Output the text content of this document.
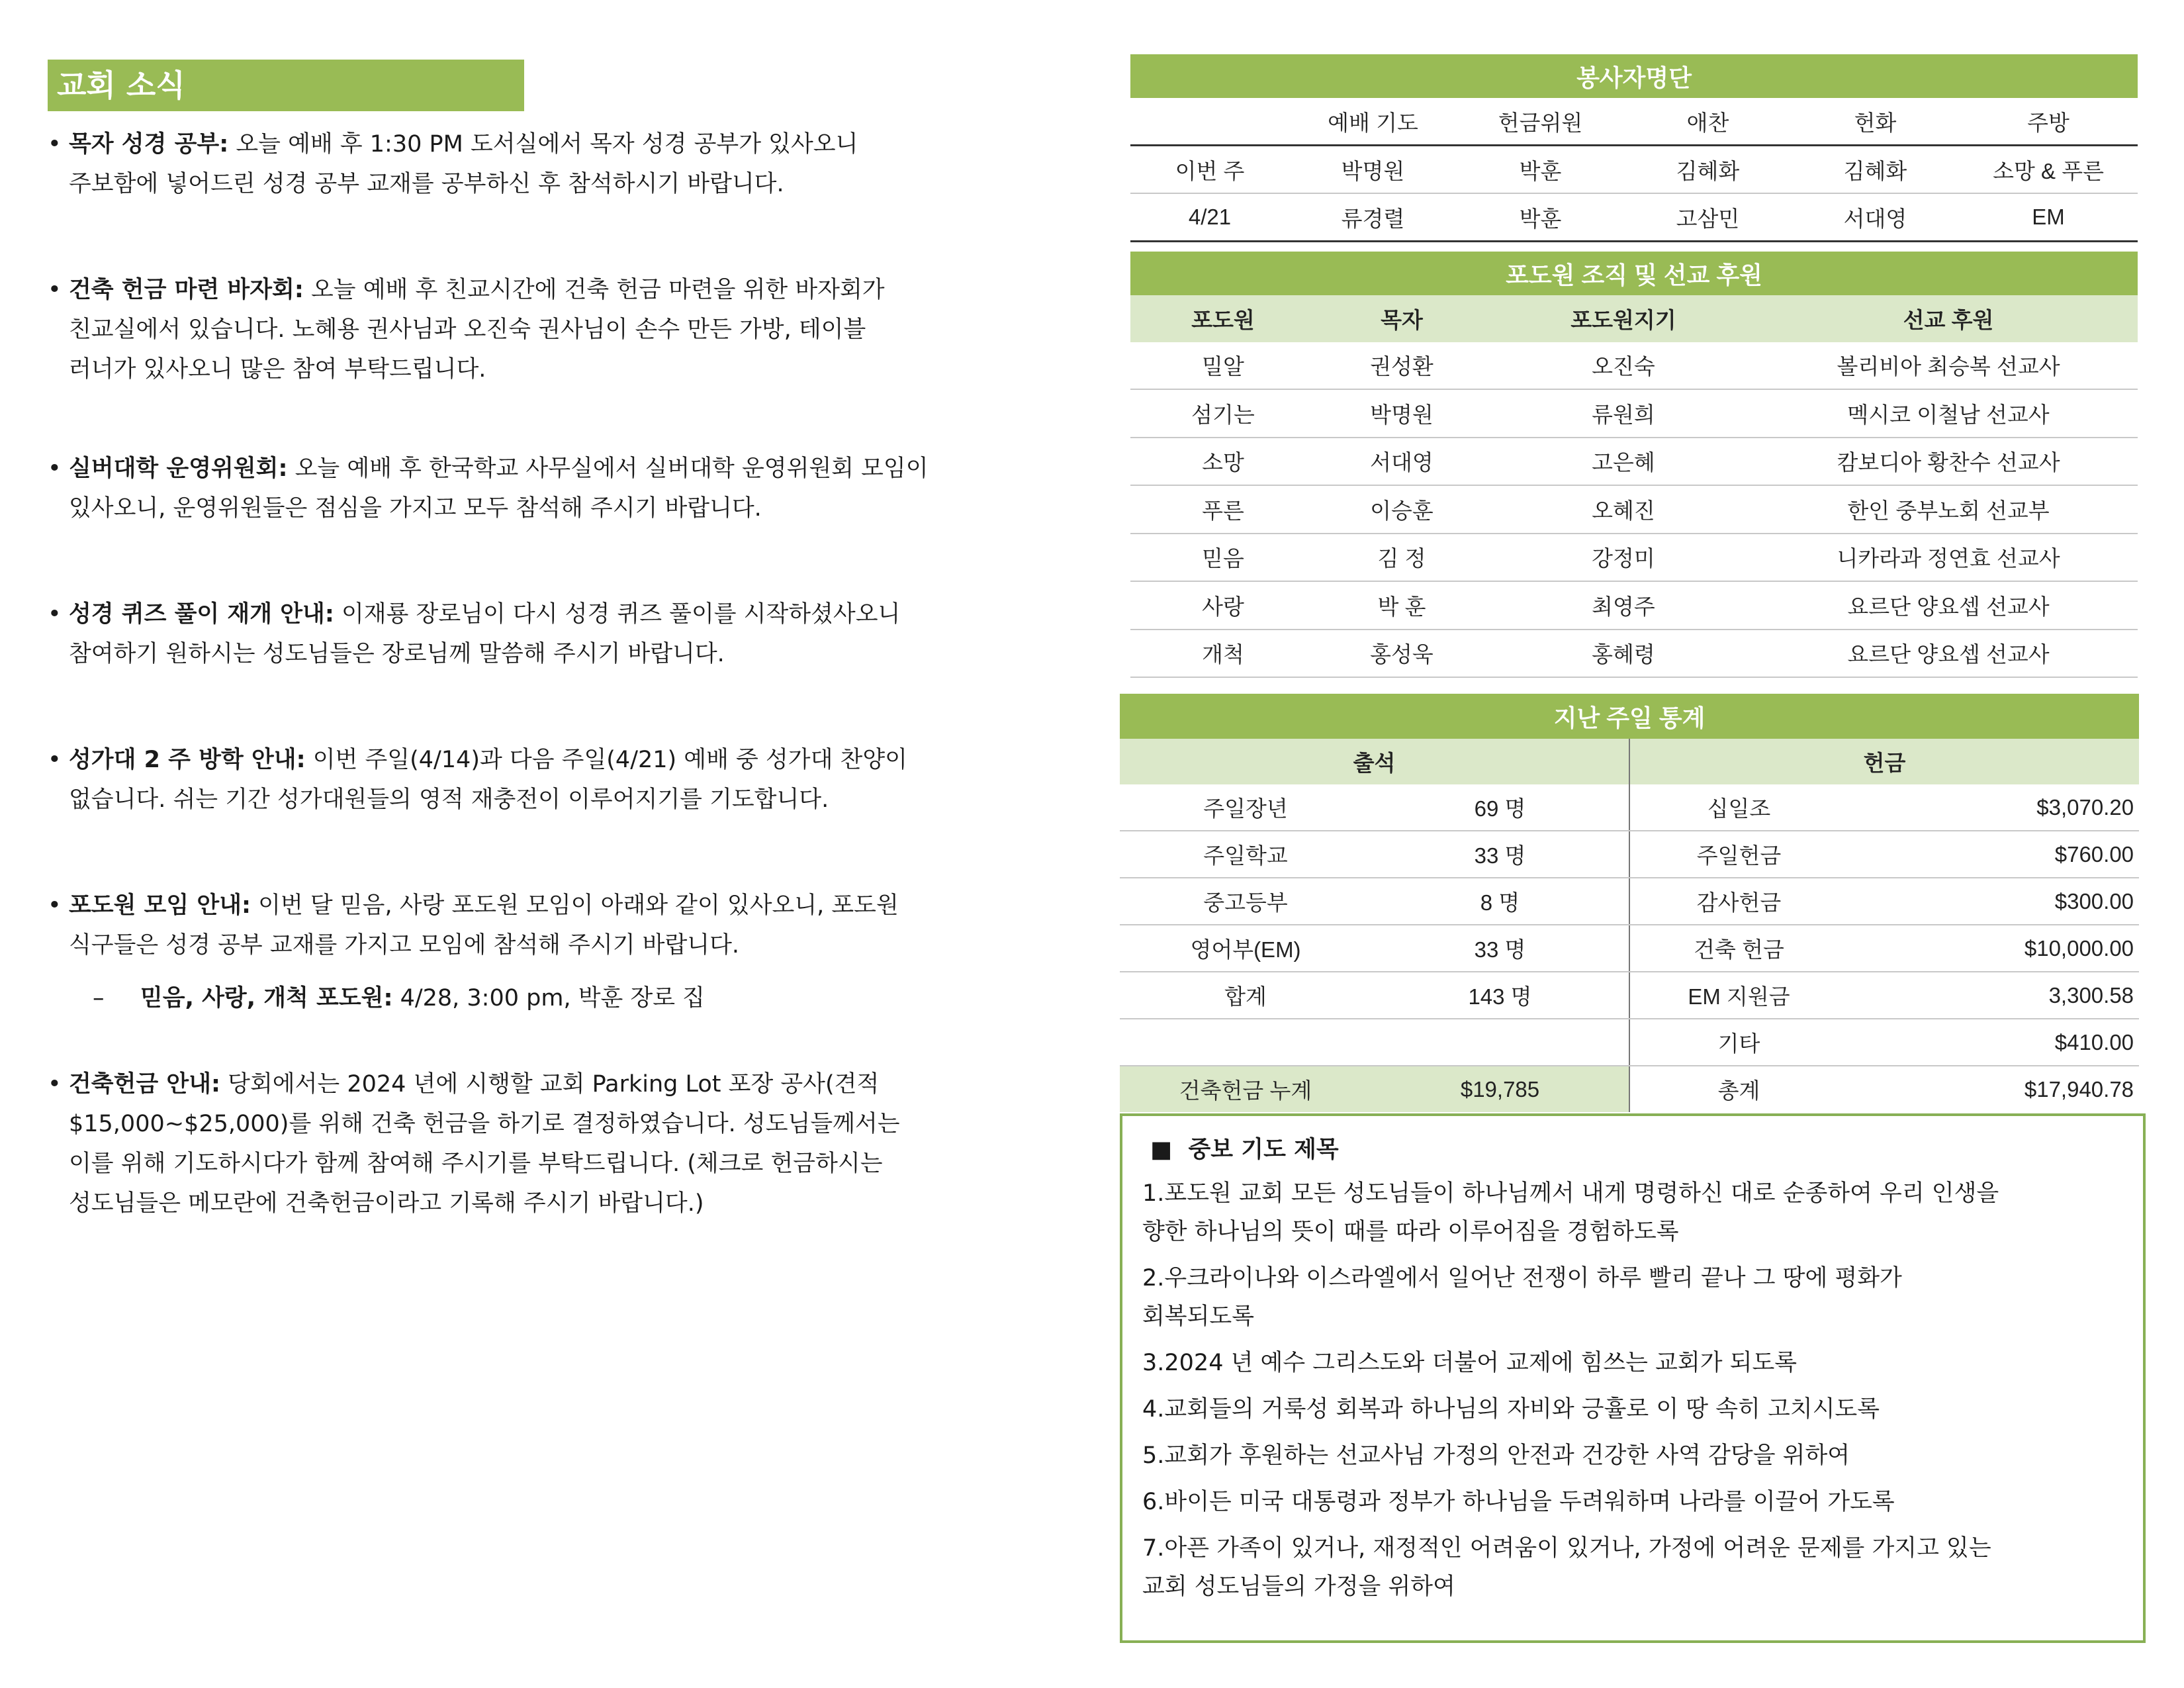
교회 소식
• 목자 성경 공부: 오늘 예배 후 1:30 PM 도서실에서 목자 성경 공부가 있사오니
주보함에 넣어드린 성경 공부 교재를 공부하신 후 참석하시기 바랍니다.
• 건축 헌금 마련 바자회: 오늘 예배 후 친교시간에 건축 헌금 마련을 위한 바자회가
친교실에서 있습니다. 노혜용 권사님과 오진숙 권사님이 손수 만든 가방, 테이블
러너가 있사오니 많은 참여 부탁드립니다.
• 실버대학 운영위원회: 오늘 예배 후 한국학교 사무실에서 실버대학 운영위원회 모임이
있사오니, 운영위원들은 점심을 가지고 모두 참석해 주시기 바랍니다.
• 성경 퀴즈 풀이 재개 안내: 이재룡 장로님이 다시 성경 퀴즈 풀이를 시작하셨사오니
참여하기 원하시는 성도님들은 장로님께 말씀해 주시기 바랍니다.
• 성가대 2 주 방학 안내: 이번 주일(4/14)과 다음 주일(4/21) 예배 중 성가대 찬양이
없습니다. 쉬는 기간 성가대원들의 영적 재충전이 이루어지기를 기도합니다.
• 포도원 모임 안내: 이번 달 믿음, 사랑 포도원 모임이 아래와 같이 있사오니, 포도원
식구들은 성경 공부 교재를 가지고 모임에 참석해 주시기 바랍니다.
– 믿음, 사랑, 개척 포도원: 4/28, 3:00 pm, 박훈 장로 집
• 건축헌금 안내: 당회에서는 2024 년에 시행할 교회 Parking Lot 포장 공사(견적
$15,000~$25,000)를 위해 건축 헌금을 하기로 결정하였습니다. 성도님들께서는
이를 위해 기도하시다가 함께 참여해 주시기를 부탁드립니다. (체크로 헌금하시는
성도님들은 메모란에 건축헌금이라고 기록해 주시기 바랍니다.)
봉사자명단					
	예배 기도	헌금위원	애찬	헌화	주방
이번 주	박명원	박훈	김혜화	김혜화	소망 & 푸른
4/21	류경렬	박훈	고삼민	서대영	EM
포도원 조직 및 선교 후원			
포도원	목자	포도원지기	선교 후원
밀알	권성환	오진숙	볼리비아 최승복 선교사
섬기는	박명원	류원희	멕시코 이철남 선교사
소망	서대영	고은혜	캄보디아 황찬수 선교사
푸른	이승훈	오혜진	한인 중부노회 선교부
믿음	김 정	강정미	니카라과 정연효 선교사
사랑	박 훈	최영주	요르단 양요셉 선교사
개척	홍성욱	홍혜령	요르단 양요셉 선교사
지난 주일 통계			
출석		헌금	
주일장년	69 명	십일조	$3,070.20
주일학교	33 명	주일헌금	$760.00
중고등부	8 명	감사헌금	$300.00
영어부(EM)	33 명	건축 헌금	$10,000.00
합계	143 명	EM 지원금	3,300.58
		기타	$410.00
건축헌금 누계	$19,785	총계	$17,940.78
■ 중보 기도 제목
1.포도원 교회 모든 성도님들이 하나님께서 내게 명령하신 대로 순종하여 우리 인생을
향한 하나님의 뜻이 때를 따라 이루어짐을 경험하도록
2.우크라이나와 이스라엘에서 일어난 전쟁이 하루 빨리 끝나 그 땅에 평화가
회복되도록
3.2024 년 예수 그리스도와 더불어 교제에 힘쓰는 교회가 되도록
4.교회들의 거룩성 회복과 하나님의 자비와 긍휼로 이 땅 속히 고치시도록
5.교회가 후원하는 선교사님 가정의 안전과 건강한 사역 감당을 위하여
6.바이든 미국 대통령과 정부가 하나님을 두려워하며 나라를 이끌어 가도록
7.아픈 가족이 있거나, 재정적인 어려움이 있거나, 가정에 어려운 문제를 가지고 있는
교회 성도님들의 가정을 위하여
